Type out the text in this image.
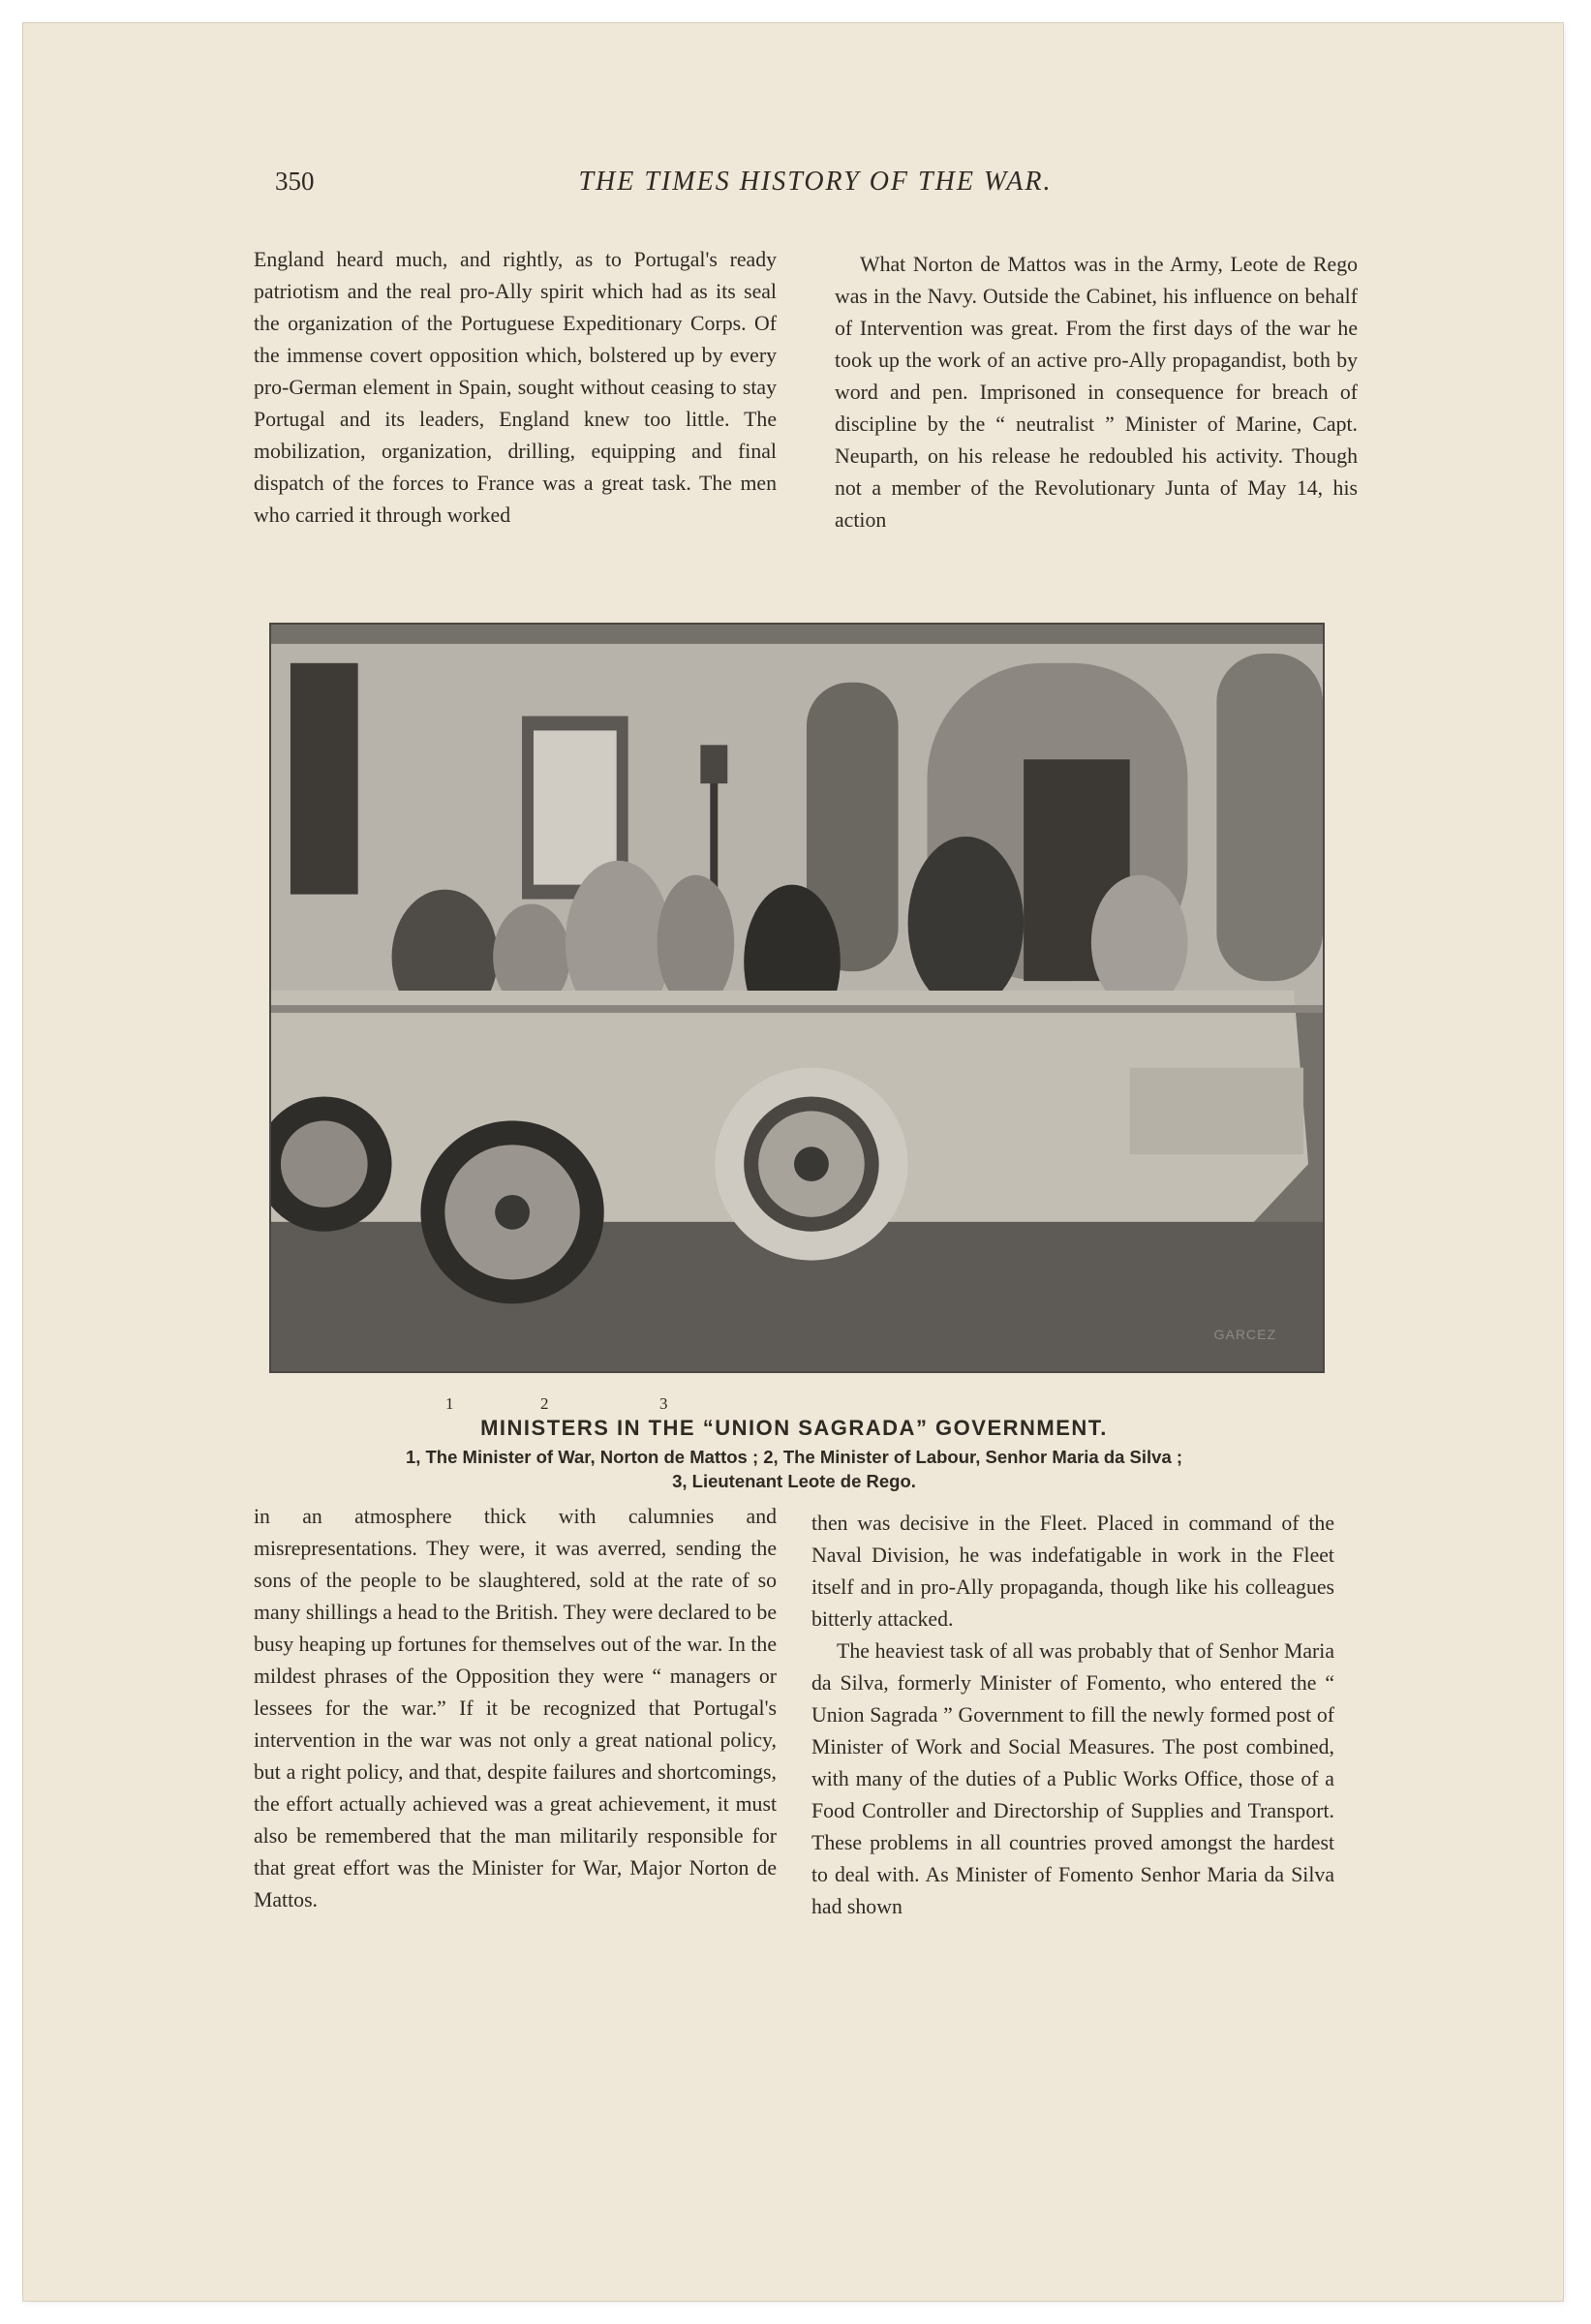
350	THE TIMES HISTORY OF THE WAR.

England heard much, and rightly, as to Portugal's ready patriotism and the real pro-Ally spirit which had as its seal the organization of the Portuguese Expeditionary Corps. Of the immense covert opposition which, bolstered up by every pro-German element in Spain, sought without ceasing to stay Portugal and its leaders, England knew too little. The mobilization, organization, drilling, equipping and final dispatch of the forces to France was a great task. The men who carried it through worked

What Norton de Mattos was in the Army, Leote de Rego was in the Navy. Outside the Cabinet, his influence on behalf of Intervention was great. From the first days of the war he took up the work of an active pro-Ally propagandist, both by word and pen. Imprisoned in consequence for breach of discipline by the “ neutralist ” Minister of Marine, Capt. Neuparth, on his release he redoubled his activity. Though not a member of the Revolutionary Junta of May 14, his action

GARCEZ
1	2	3
MINISTERS IN THE “UNION SAGRADA” GOVERNMENT.
1, The Minister of War, Norton de Mattos ; 2, The Minister of Labour, Senhor Maria da Silva ;
3, Lieutenant Leote de Rego.

in an atmosphere thick with calumnies and misrepresentations. They were, it was averred, sending the sons of the people to be slaughtered, sold at the rate of so many shillings a head to the British. They were declared to be busy heaping up fortunes for themselves out of the war. In the mildest phrases of the Opposition they were “ managers or lessees for the war.” If it be recognized that Portugal's intervention in the war was not only a great national policy, but a right policy, and that, despite failures and shortcomings, the effort actually achieved was a great achievement, it must also be remembered that the man militarily responsible for that great effort was the Minister for War, Major Norton de Mattos.

then was decisive in the Fleet. Placed in command of the Naval Division, he was indefatigable in work in the Fleet itself and in pro-Ally propaganda, though like his colleagues bitterly attacked.

The heaviest task of all was probably that of Senhor Maria da Silva, formerly Minister of Fomento, who entered the “ Union Sagrada ” Government to fill the newly formed post of Minister of Work and Social Measures. The post combined, with many of the duties of a Public Works Office, those of a Food Controller and Directorship of Supplies and Transport. These problems in all countries proved amongst the hardest to deal with. As Minister of Fomento Senhor Maria da Silva had shown
